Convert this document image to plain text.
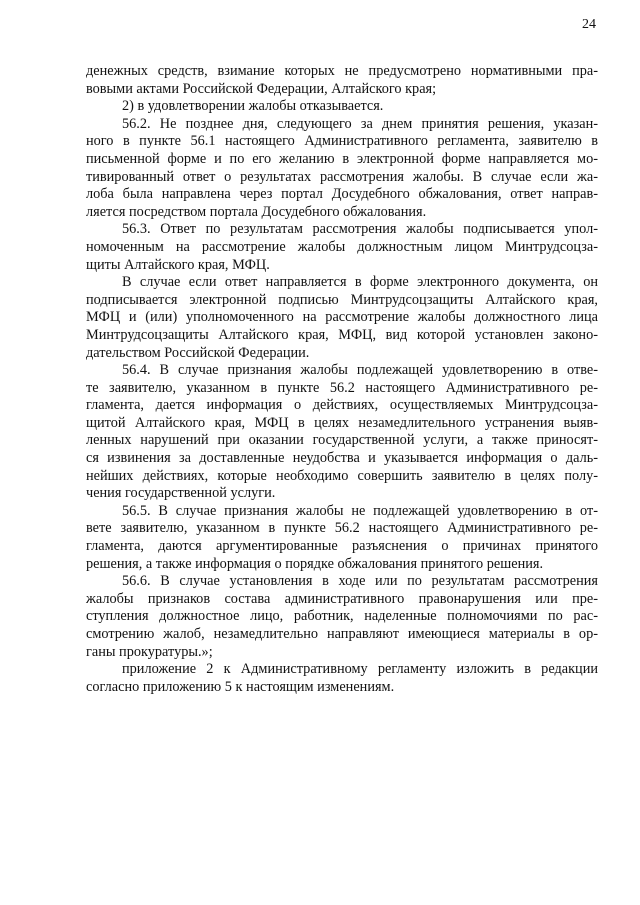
24
денежных средств, взимание которых не предусмотрено нормативными пра-
вовыми актами Российской Федерации, Алтайского края;
2) в удовлетворении жалобы отказывается.
56.2. Не позднее дня, следующего за днем принятия решения, указан-
ного в пункте 56.1 настоящего Административного регламента, заявителю в
письменной форме и по его желанию в электронной форме направляется мо-
тивированный ответ о результатах рассмотрения жалобы. В случае если жа-
лоба была направлена через портал Досудебного обжалования, ответ направ-
ляется посредством портала Досудебного обжалования.
56.3. Ответ по результатам рассмотрения жалобы подписывается упол-
номоченным на рассмотрение жалобы должностным лицом Минтрудсоцза-
щиты Алтайского края, МФЦ.
В случае если ответ направляется в форме электронного документа, он
подписывается электронной подписью Минтрудсоцзащиты Алтайского края,
МФЦ и (или) уполномоченного на рассмотрение жалобы должностного лица
Минтрудсоцзащиты Алтайского края, МФЦ, вид которой установлен законо-
дательством Российской Федерации.
56.4. В случае признания жалобы подлежащей удовлетворению в отве-
те заявителю, указанном в пункте 56.2 настоящего Административного ре-
гламента, дается информация о действиях, осуществляемых Минтрудсоцза-
щитой Алтайского края, МФЦ в целях незамедлительного устранения выяв-
ленных нарушений при оказании государственной услуги, а также приносят-
ся извинения за доставленные неудобства и указывается информация о даль-
нейших действиях, которые необходимо совершить заявителю в целях полу-
чения государственной услуги.
56.5. В случае признания жалобы не подлежащей удовлетворению в от-
вете заявителю, указанном в пункте 56.2 настоящего Административного ре-
гламента, даются аргументированные разъяснения о причинах принятого
решения, а также информация о порядке обжалования принятого решения.
56.6. В случае установления в ходе или по результатам рассмотрения
жалобы признаков состава административного правонарушения или пре-
ступления должностное лицо, работник, наделенные полномочиями по рас-
смотрению жалоб, незамедлительно направляют имеющиеся материалы в ор-
ганы прокуратуры.»;
приложение 2 к Административному регламенту изложить в редакции
согласно приложению 5 к настоящим изменениям.
